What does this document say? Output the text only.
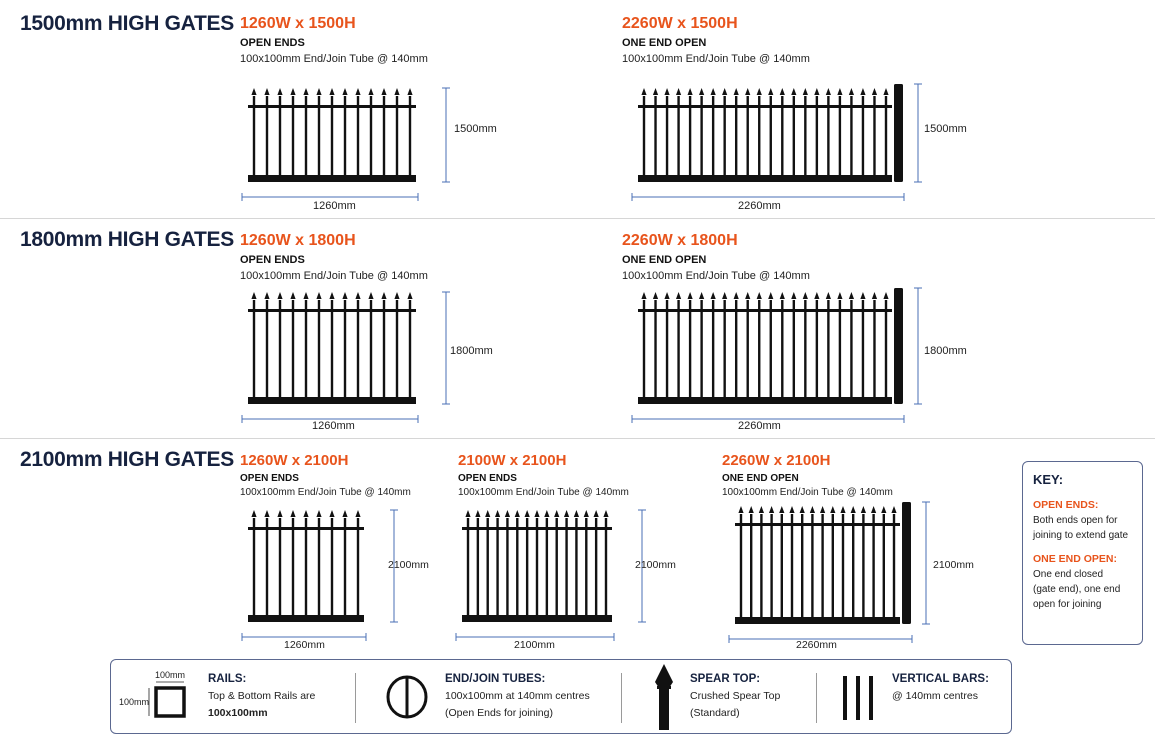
1500mm HIGH GATES 1260W x 1500H
OPEN ENDS
100x100mm End/Join Tube @ 140mm
1500mm
1260mm
2260W x 1500H
ONE END OPEN
100x100mm End/Join Tube @ 140mm
1500mm
2260mm
1800mm HIGH GATES 1260W x 1800H
OPEN ENDS
100x100mm End/Join Tube @ 140mm
1800mm
1260mm
2260W x 1800H
ONE END OPEN
100x100mm End/Join Tube @ 140mm
1800mm
2260mm
2100mm HIGH GATES 1260W x 2100H
OPEN ENDS
100x100mm End/Join Tube @ 140mm
2100mm
1260mm
2100W x 2100H
OPEN ENDS
100x100mm End/Join Tube @ 140mm
2100mm
2100mm
2260W x 2100H
ONE END OPEN
100x100mm End/Join Tube @ 140mm
2100mm
2260mm
KEY:
OPEN ENDS:
Both ends open for
joining to extend gate
ONE END OPEN:
One end closed
(gate end), one end
open for joining
100mm
100mm
RAILS:
Top & Bottom Rails are
100x100mm
END/JOIN TUBES:
100x100mm at 140mm centres
(Open Ends for joining)
SPEAR TOP:
Crushed Spear Top
(Standard)
VERTICAL BARS:
@ 140mm centres
